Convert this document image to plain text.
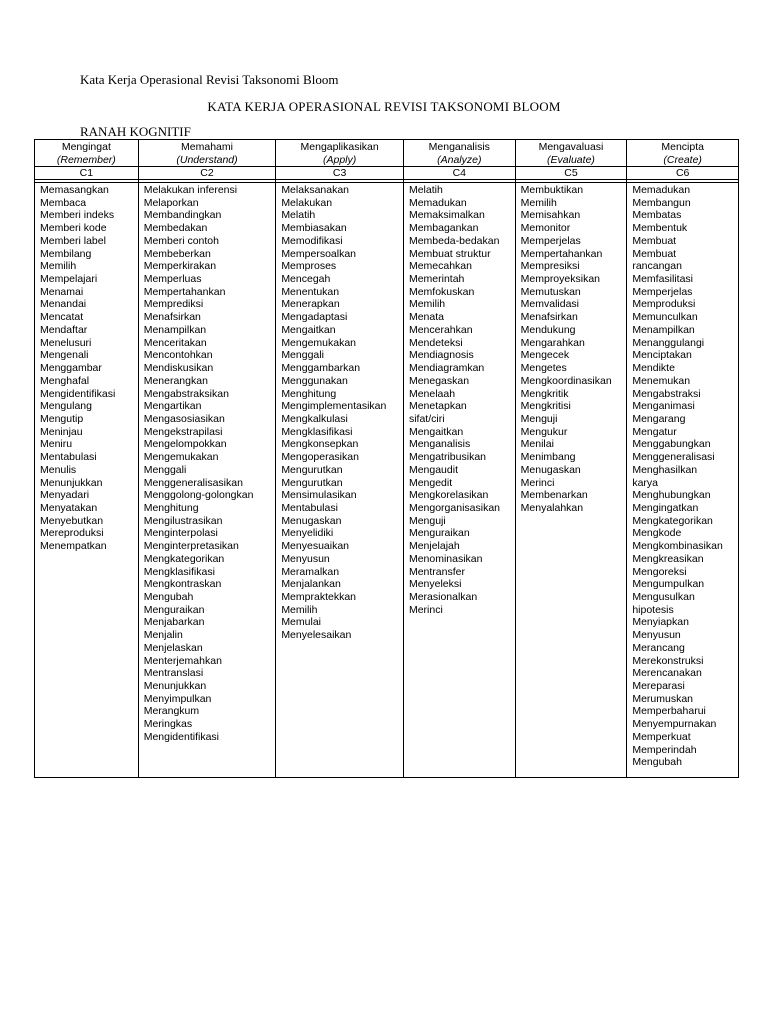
Kata Kerja Operasional Revisi Taksonomi Bloom
KATA KERJA OPERASIONAL REVISI TAKSONOMI BLOOM
RANAH KOGNITIF
Mengingat
(Remember)
C1
Memasangkan
Membaca
Memberi indeks
Memberi kode
Memberi label
Membilang
Memilih
Mempelajari
Menamai
Menandai
Mencatat
Mendaftar
Menelusuri
Mengenali
Menggambar
Menghafal
Mengidentifikasi
Mengulang
Mengutip
Meninjau
Meniru
Mentabulasi
Menulis
Menunjukkan
Menyadari
Menyatakan
Menyebutkan
Mereproduksi
Menempatkan
Memahami
(Understand)
C2
Melakukan inferensi
Melaporkan
Membandingkan
Membedakan
Memberi contoh
Membeberkan
Memperkirakan
Memperluas
Mempertahankan
Memprediksi
Menafsirkan
Menampilkan
Menceritakan
Mencontohkan
Mendiskusikan
Menerangkan
Mengabstraksikan
Mengartikan
Mengasosiasikan
Mengekstrapilasi
Mengelompokkan
Mengemukakan
Menggali
Menggeneralisasikan
Menggolong-golongkan
Menghitung
Mengilustrasikan
Menginterpolasi
Menginterpretasikan
Mengkategorikan
Mengklasifikasi
Mengkontraskan
Mengubah
Menguraikan
Menjabarkan
Menjalin
Menjelaskan
Menterjemahkan
Mentranslasi
Menunjukkan
Menyimpulkan
Merangkum
Meringkas
Mengidentifikasi
Mengaplikasikan
(Apply)
C3
Melaksanakan
Melakukan
Melatih
Membiasakan
Memodifikasi
Mempersoalkan
Memproses
Mencegah
Menentukan
Menerapkan
Mengadaptasi
Mengaitkan
Mengemukakan
Menggali
Menggambarkan
Menggunakan
Menghitung
Mengimplementasikan
Mengkalkulasi
Mengklasifikasi
Mengkonsepkan
Mengoperasikan
Mengurutkan
Mengurutkan
Mensimulasikan
Mentabulasi
Menugaskan
Menyelidiki
Menyesuaikan
Menyusun
Meramalkan
Menjalankan
Mempraktekkan
Memilih
Memulai
Menyelesaikan
Menganalisis
(Analyze)
C4
Melatih
Memadukan
Memaksimalkan
Membagankan
Membeda-bedakan
Membuat struktur
Memecahkan
Memerintah
Memfokuskan
Memilih
Menata
Mencerahkan
Mendeteksi
Mendiagnosis
Mendiagramkan
Menegaskan
Menelaah
Menetapkan
sifat/ciri
Mengaitkan
Menganalisis
Mengatribusikan
Mengaudit
Mengedit
Mengkorelasikan
Mengorganisasikan
Menguji
Menguraikan
Menjelajah
Menominasikan
Mentransfer
Menyeleksi
Merasionalkan
Merinci
Mengavaluasi
(Evaluate)
C5
Membuktikan
Memilih
Memisahkan
Memonitor
Memperjelas
Mempertahankan
Mempresiksi
Memproyeksikan
Memutuskan
Memvalidasi
Menafsirkan
Mendukung
Mengarahkan
Mengecek
Mengetes
Mengkoordinasikan
Mengkritik
Mengkritisi
Menguji
Mengukur
Menilai
Menimbang
Menugaskan
Merinci
Membenarkan
Menyalahkan
Mencipta
(Create)
C6
Memadukan
Membangun
Membatas
Membentuk
Membuat
Membuat
rancangan
Memfasilitasi
Memperjelas
Memproduksi
Memunculkan
Menampilkan
Menanggulangi
Menciptakan
Mendikte
Menemukan
Mengabstraksi
Menganimasi
Mengarang
Mengatur
Menggabungkan
Menggeneralisasi
Menghasilkan
karya
Menghubungkan
Mengingatkan
Mengkategorikan
Mengkode
Mengkombinasikan
Mengkreasikan
Mengoreksi
Mengumpulkan
Mengusulkan
hipotesis
Menyiapkan
Menyusun
Merancang
Merekonstruksi
Merencanakan
Mereparasi
Merumuskan
Memperbaharui
Menyempurnakan
Memperkuat
Memperindah
Mengubah
